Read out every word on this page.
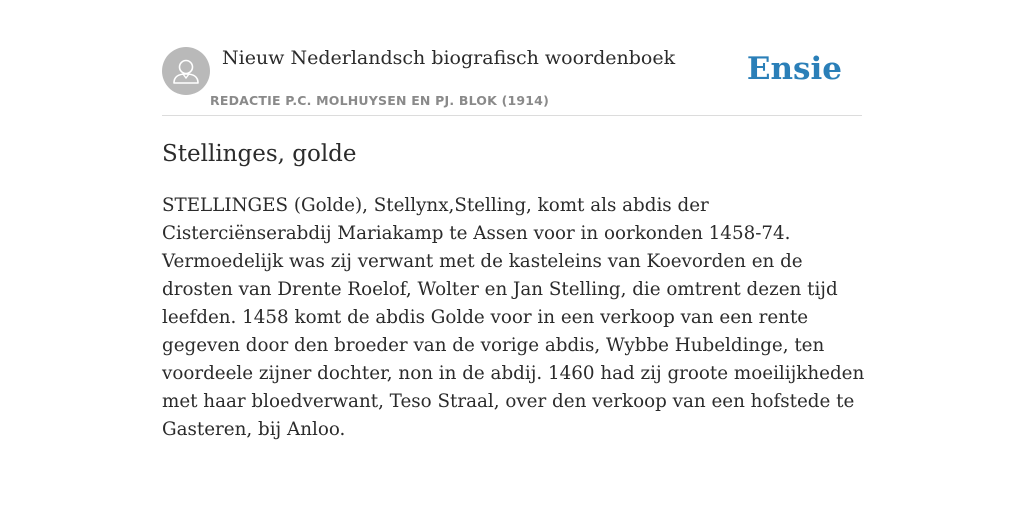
Nieuw Nederlandsch biografisch woordenboek
REDACTIE P.C. MOLHUYSEN EN PJ. BLOK (1914)
Ensie
Stellinges, golde

STELLINGES (Golde), Stellynx,Stelling, komt als abdis der Cisterciënserabdij Mariakamp te Assen voor in oorkonden 1458-74. Vermoedelijk was zij verwant met de kasteleins van Koevorden en de drosten van Drente Roelof, Wolter en Jan Stelling, die omtrent dezen tijd leefden. 1458 komt de abdis Golde voor in een verkoop van een rente gegeven door den broeder van de vorige abdis, Wybbe Hubeldinge, ten voordeele zijner dochter, non in de abdij. 1460 had zij groote moeilijkheden met haar bloedverwant, Teso Straal, over den verkoop van een hofstede te Gasteren, bij Anloo.
